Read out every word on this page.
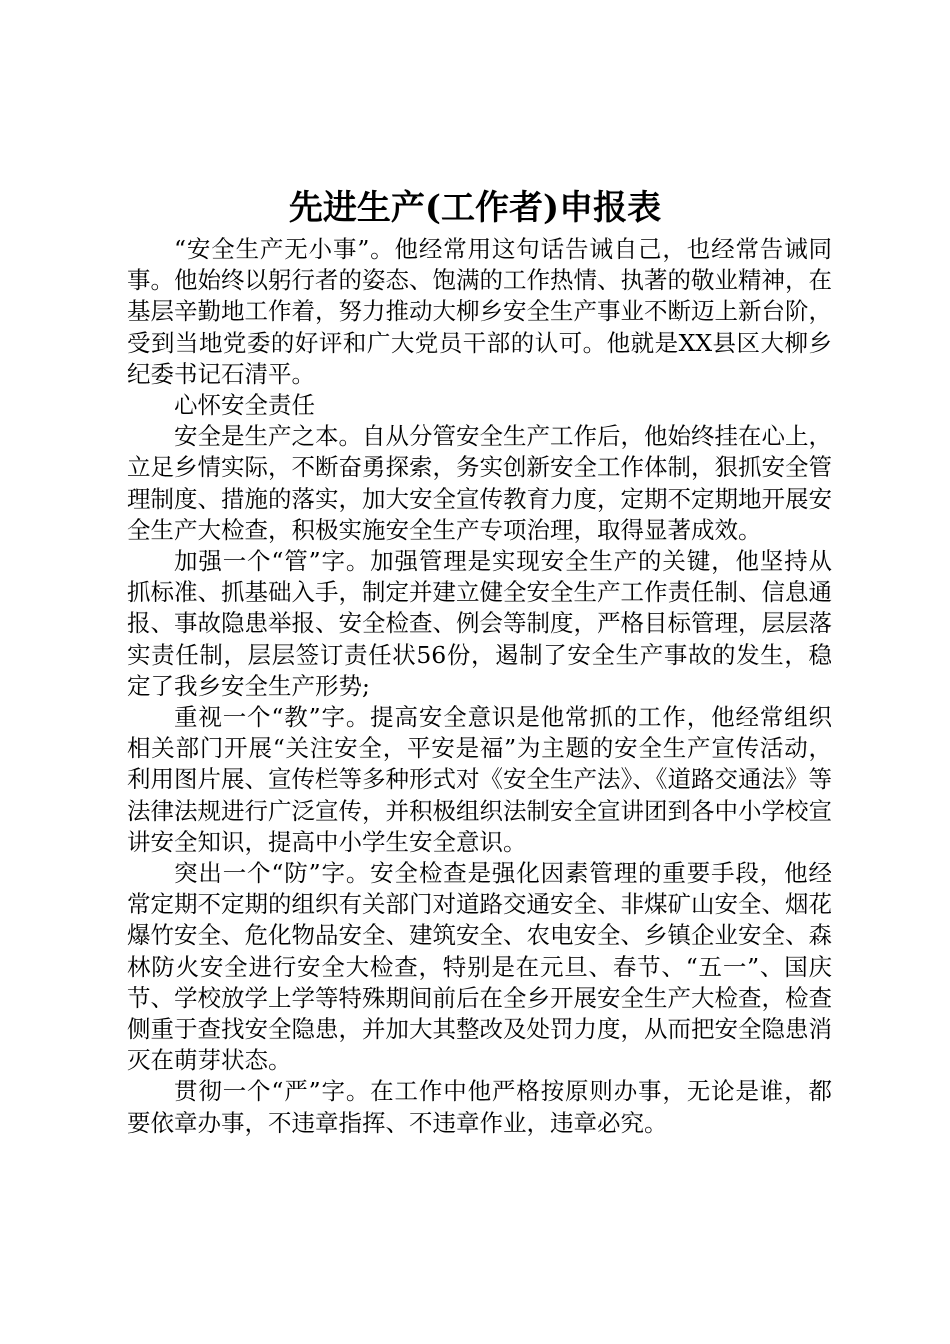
先进生产(工作者)申报表

“安全生产无小事”。他经常用这句话告诫自己，也经常告诫同事。他始终以躬行者的姿态、饱满的工作热情、执著的敬业精神，在基层辛勤地工作着，努力推动大柳乡安全生产事业不断迈上新台阶，受到当地党委的好评和广大党员干部的认可。他就是XX县区大柳乡纪委书记石清平。

心怀安全责任

安全是生产之本。自从分管安全生产工作后，他始终挂在心上，立足乡情实际，不断奋勇探索，务实创新安全工作体制，狠抓安全管理制度、措施的落实，加大安全宣传教育力度，定期不定期地开展安全生产大检查，积极实施安全生产专项治理，取得显著成效。

加强一个“管”字。加强管理是实现安全生产的关键，他坚持从抓标准、抓基础入手，制定并建立健全安全生产工作责任制、信息通报、事故隐患举报、安全检查、例会等制度，严格目标管理，层层落实责任制，层层签订责任状56份，遏制了安全生产事故的发生，稳定了我乡安全生产形势;

重视一个“教”字。提高安全意识是他常抓的工作，他经常组织相关部门开展“关注安全，平安是福”为主题的安全生产宣传活动，利用图片展、宣传栏等多种形式对《安全生产法》、《道路交通法》等法律法规进行广泛宣传，并积极组织法制安全宣讲团到各中小学校宣讲安全知识，提高中小学生安全意识。

突出一个“防”字。安全检查是强化因素管理的重要手段，他经常定期不定期的组织有关部门对道路交通安全、非煤矿山安全、烟花爆竹安全、危化物品安全、建筑安全、农电安全、乡镇企业安全、森林防火安全进行安全大检查，特别是在元旦、春节、“五一”、国庆节、学校放学上学等特殊期间前后在全乡开展安全生产大检查，检查侧重于查找安全隐患，并加大其整改及处罚力度，从而把安全隐患消灭在萌芽状态。

贯彻一个“严”字。在工作中他严格按原则办事，无论是谁，都要依章办事，不违章指挥、不违章作业，违章必究。
